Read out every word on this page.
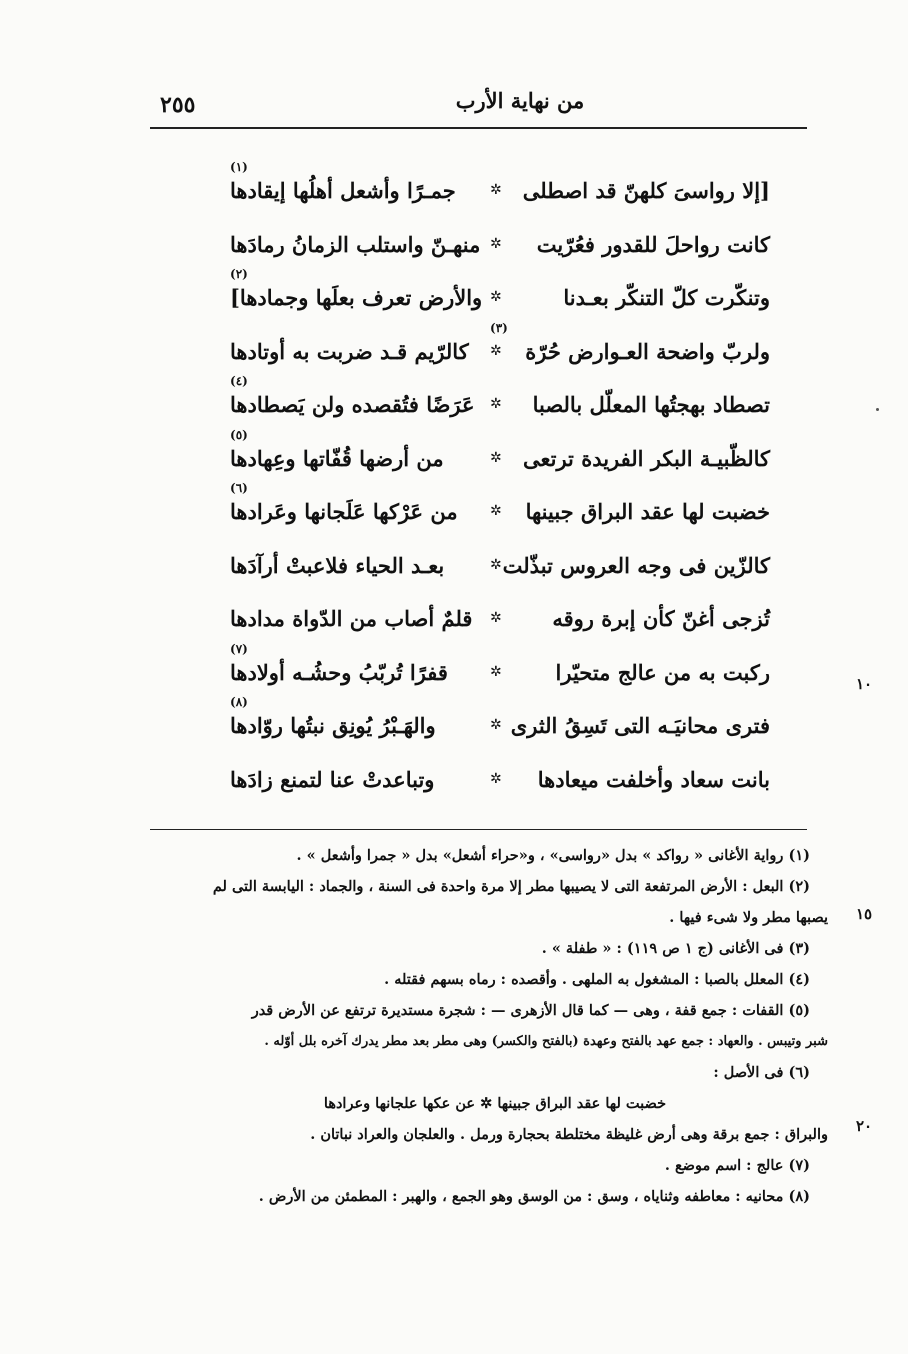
من نهاية الأرب
٢٥٥
(١)
[إلا رواسىَ كلهنّ قد اصطلى
✲
جمـرًا وأشعل أهلُها إيقادها
كانت رواحلَ للقدور فعُرّيت
✲
منهـنّ واستلب الزمانُ رمادَها
(٢)
وتنكّرت كلّ التنكّر بعـدنا
✲
والأرض تعرف بعلَها وجمادها]
(٣)
ولربّ واضحة العـوارض حُرّة
✲
كالرّيم قـد ضربت به أوتادها
(٤)
تصطاد بهجتُها المعلّل بالصبا
✲
عَرَضًا فتُقصده ولن يَصطادها
(٥)
كالظّبيـة البكر الفريدة ترتعى
✲
من أرضها قُفّاتها وعِهادها
(٦)
خضبت لها عقد البراق جبينها
✲
من عَرْكها عَلَجانها وعَرادها
كالزّين فى وجه العروس تبذّلت
✲
بعـد الحياء فلاعبتْ أرآدَها
تُزجى أغنّ كأن إبرة روقه
✲
قلمٌ أصاب من الدّواة مدادها
(٧)
ركبت به من عالج متحيّرا
✲
قفرًا تُربّبُ وحشُـه أولادها
(٨)
فترى محانيَـه التى تَسِقُ الثرى
✲
والهَـبْرُ يُونِق نبتُها روّادها
بانت سعاد وأخلفت ميعادها
✲
وتباعدتْ عنا لتمنع زادَها
(١) رواية الأغانى « رواكد » بدل «رواسى» ، و«حراء أشعل» بدل « جمرا وأشعل » .
(٢) البعل : الأرض المرتفعة التى لا يصيبها مطر إلا مرة واحدة فى السنة ، والجماد : اليابسة التى لم
يصبها مطر ولا شىء فيها .
(٣) فى الأغانى (ج ١ ص ١١٩) : « طفلة » .
(٤) المعلل بالصبا : المشغول به الملهى . وأقصده : رماه بسهم فقتله .
(٥) القفات : جمع قفة ، وهى — كما قال الأزهرى — : شجرة مستديرة ترتفع عن الأرض قدر
شبر وتيبس . والعهاد : جمع عهد بالفتح وعهدة (بالفتح والكسر) وهى مطر بعد مطر يدرك آخره بلل أوّله .
(٦) فى الأصل :
خضبت لها عقد البراق جبينها ✲ عن عكها علجانها وعرادها
والبراق : جمع برقة وهى أرض غليظة مختلطة بحجارة ورمل . والعلجان والعراد نباتان .
(٧) عالج : اسم موضع .
(٨) محانيه : معاطفه وثناياه ، وسق : من الوسق وهو الجمع ، والهبر : المطمئن من الأرض .
١٠
١٥
٢٠
